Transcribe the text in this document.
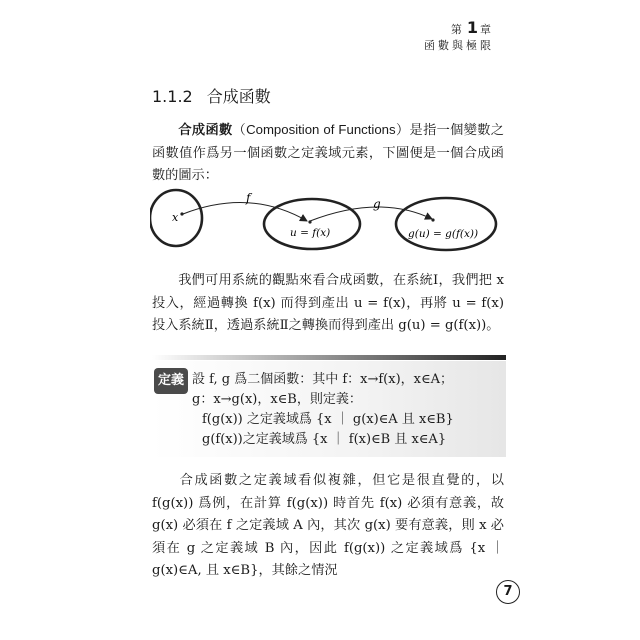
第 1 章
函數與極限
1.1.2 合成函數
合成函數（Composition of Functions）是指一個變數之函數值作爲另一個函數之定義域元素，下圖便是一個合成函數的圖示：
f	g
x
u = f(x)	g(u) = g(f(x))
我們可用系統的觀點來看合成函數，在系統Ⅰ，我們把 x 投入，經過轉換 f(x) 而得到產出 u = f(x)，再將 u = f(x) 投入系統Ⅱ，透過系統Ⅱ之轉換而得到產出 g(u) = g(f(x))。
定義 設 f, g 爲二個函數：其中 f：x→f(x)，x∈A；
g：x→g(x)，x∈B，則定義：
f(g(x)) 之定義域爲 {x ｜ g(x)∈A 且 x∈B}
g(f(x))之定義域爲 {x ｜ f(x)∈B 且 x∈A}
合成函數之定義域看似複雜，但它是很直覺的，以 f(g(x)) 爲例，在計算 f(g(x)) 時首先 f(x) 必須有意義，故 g(x) 必須在 f 之定義域 A 內，其次 g(x) 要有意義，則 x 必須在 g 之定義域 B 內，因此 f(g(x)) 之定義域爲 {x ｜ g(x)∈A, 且 x∈B}，其餘之情況
7
